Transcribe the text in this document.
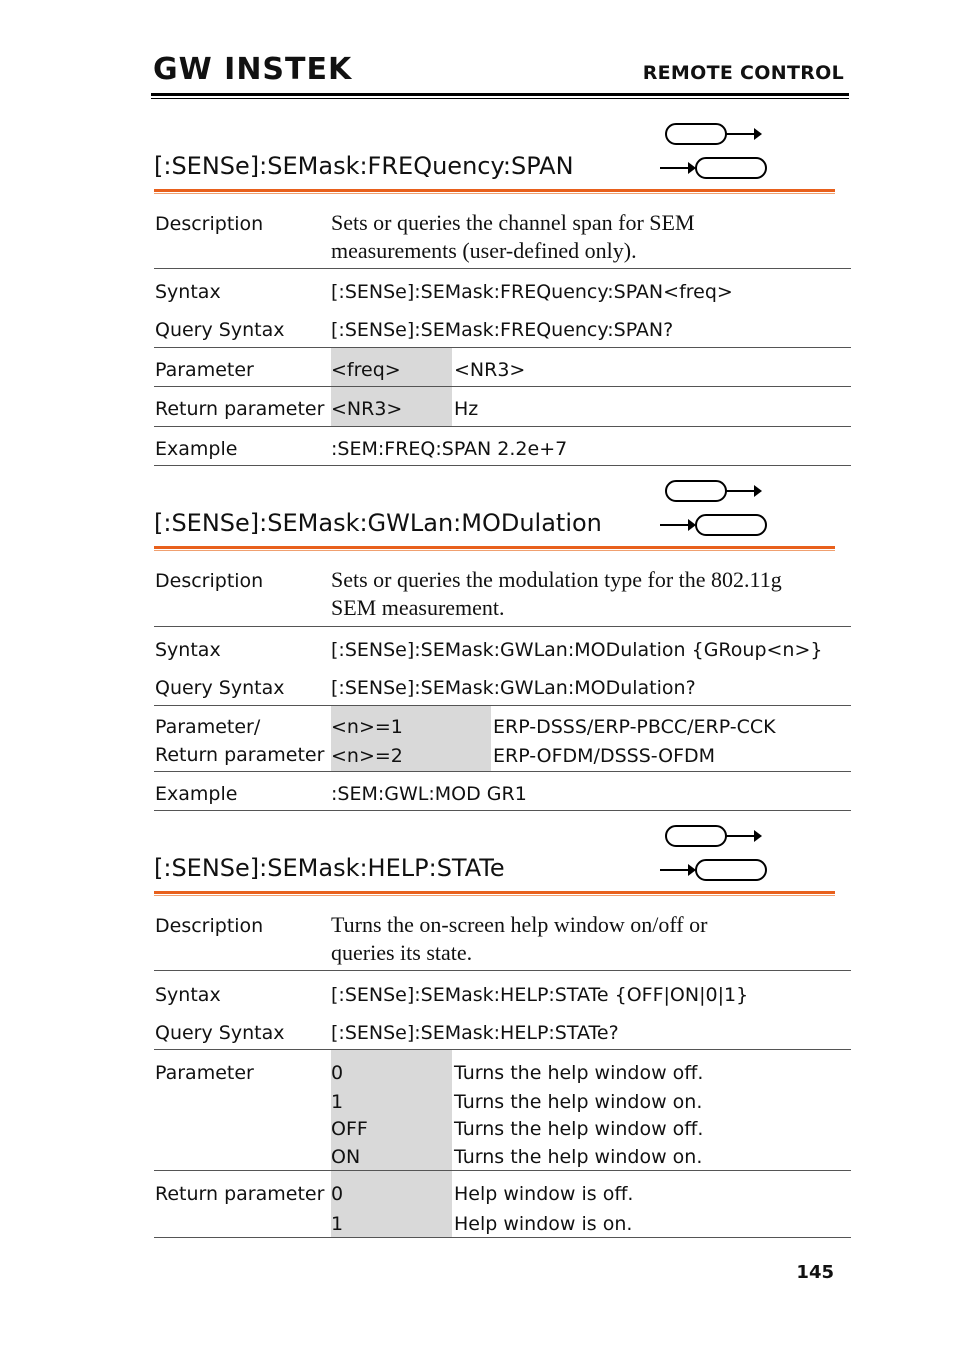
GW INSTEK	REMOTE CONTROL
[:SENSe]:SEMask:FREQuency:SPAN
Description	Sets or queries the channel span for SEM
measurements (user-defined only).
Syntax	[:SENSe]:SEMask:FREQuency:SPAN<freq>
Query Syntax [:SENSe]:SEMask:FREQuency:SPAN?
Parameter	<freq>	<NR3>
Return parameter <NR3>	Hz
Example	:SEM:FREQ:SPAN 2.2e+7
[:SENSe]:SEMask:GWLan:MODulation
Description	Sets or queries the modulation type for the 802.11g
SEM measurement.
Syntax	[:SENSe]:SEMask:GWLan:MODulation {GRoup<n>}
Query Syntax [:SENSe]:SEMask:GWLan:MODulation?
Parameter/
Return parameter
<n>=1	ERP-DSSS/ERP-PBCC/ERP-CCK
<n>=2	ERP-OFDM/DSSS-OFDM
Example	:SEM:GWL:MOD GR1
[:SENSe]:SEMask:HELP:STATe
Description	Turns the on-screen help window on/off or
queries its state.
Syntax	[:SENSe]:SEMask:HELP:STATe {OFF|ON|0|1}
Query Syntax [:SENSe]:SEMask:HELP:STATe?
Parameter	0	Turns the help window off.
1	Turns the help window on.
OFF	Turns the help window off.
ON	Turns the help window on.
Return parameter 0	Help window is off.
1	Help window is on.
145
